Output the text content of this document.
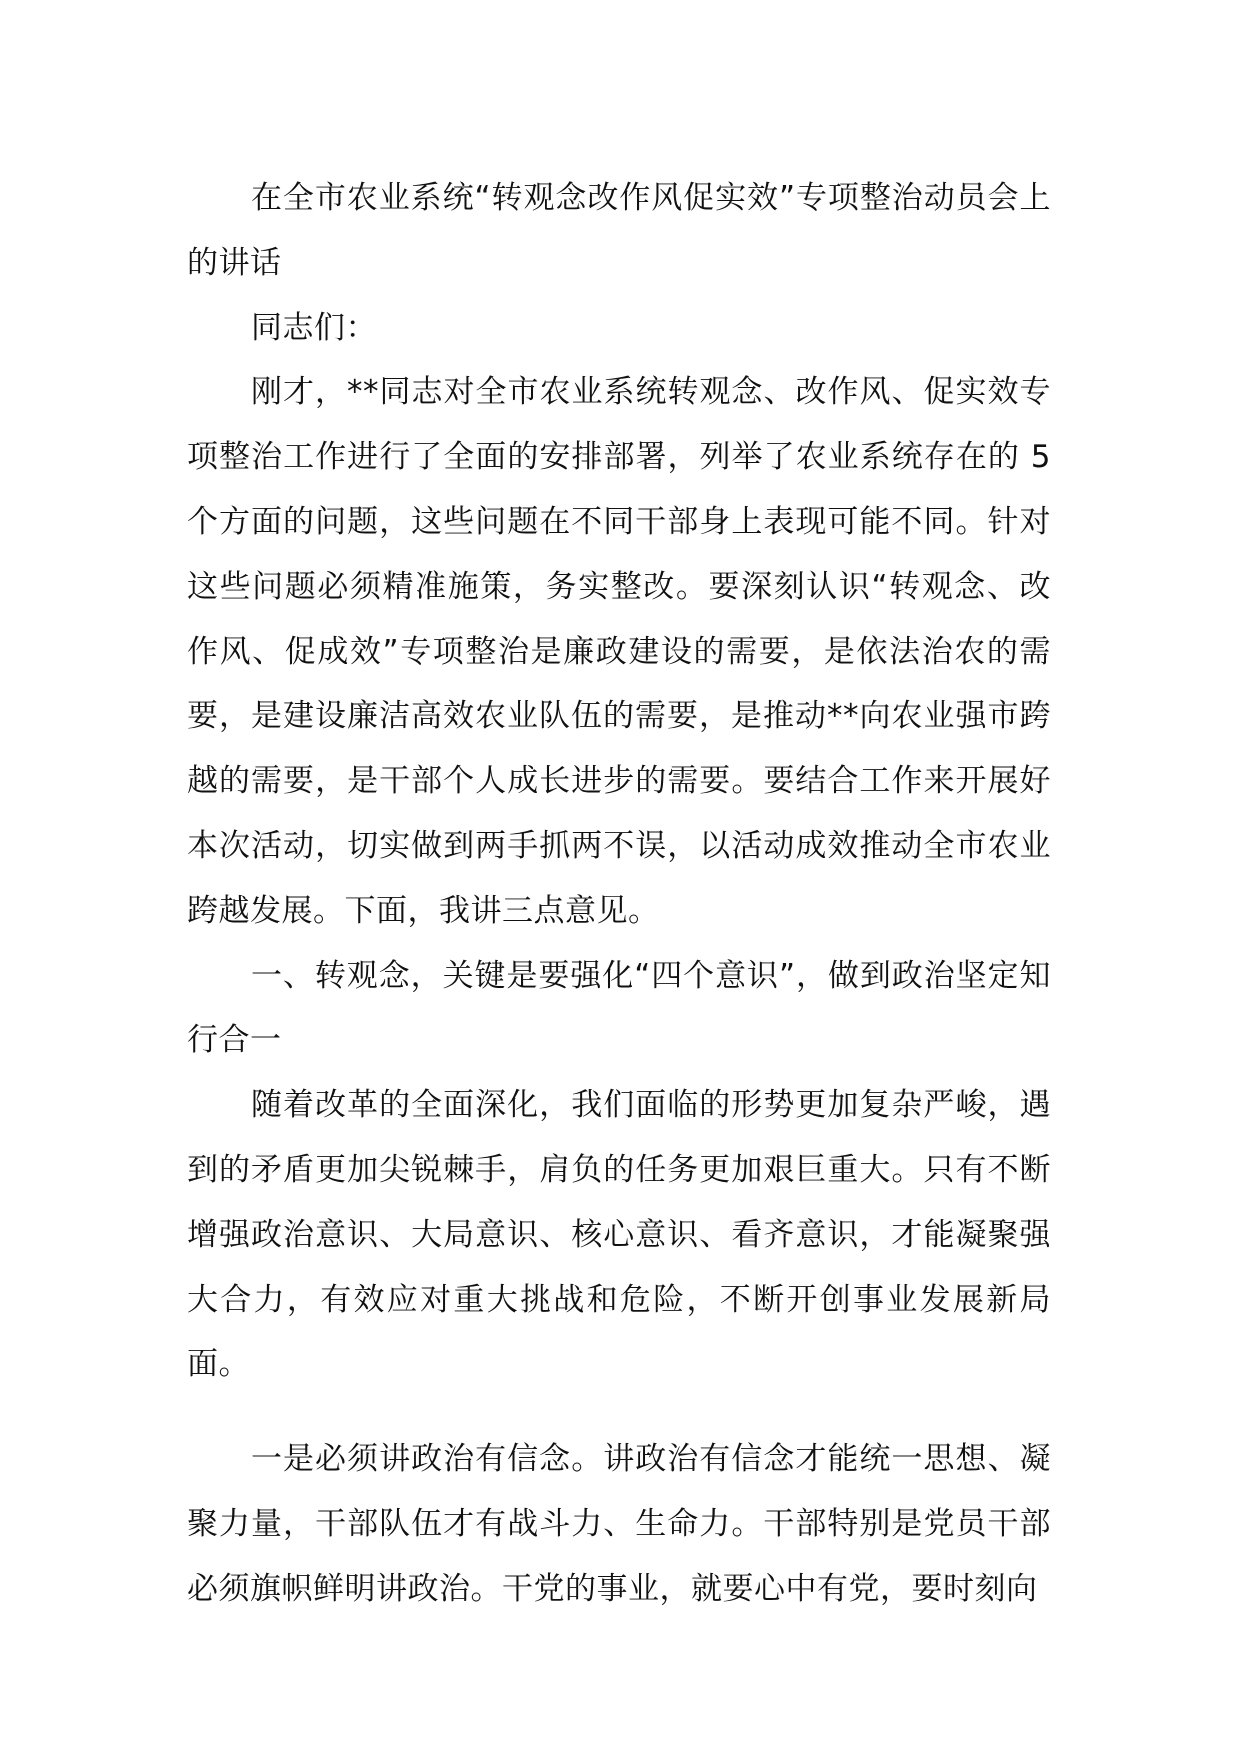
在全市农业系统“转观念改作风促实效”专项整治动员会上的讲话

同志们：

刚才，**同志对全市农业系统转观念、改作风、促实效专项整治工作进行了全面的安排部署，列举了农业系统存在的 5 个方面的问题，这些问题在不同干部身上表现可能不同。针对这些问题必须精准施策，务实整改。要深刻认识“转观念、改作风、促成效”专项整治是廉政建设的需要，是依法治农的需要，是建设廉洁高效农业队伍的需要，是推动**向农业强市跨越的需要，是干部个人成长进步的需要。要结合工作来开展好本次活动，切实做到两手抓两不误，以活动成效推动全市农业跨越发展。下面，我讲三点意见。

一、转观念，关键是要强化“四个意识”，做到政治坚定知行合一

随着改革的全面深化，我们面临的形势更加复杂严峻，遇到的矛盾更加尖锐棘手，肩负的任务更加艰巨重大。只有不断增强政治意识、大局意识、核心意识、看齐意识，才能凝聚强大合力，有效应对重大挑战和危险，不断开创事业发展新局面。

一是必须讲政治有信念。讲政治有信念才能统一思想、凝聚力量，干部队伍才有战斗力、生命力。干部特别是党员干部必须旗帜鲜明讲政治。干党的事业，就要心中有党，要时刻向
